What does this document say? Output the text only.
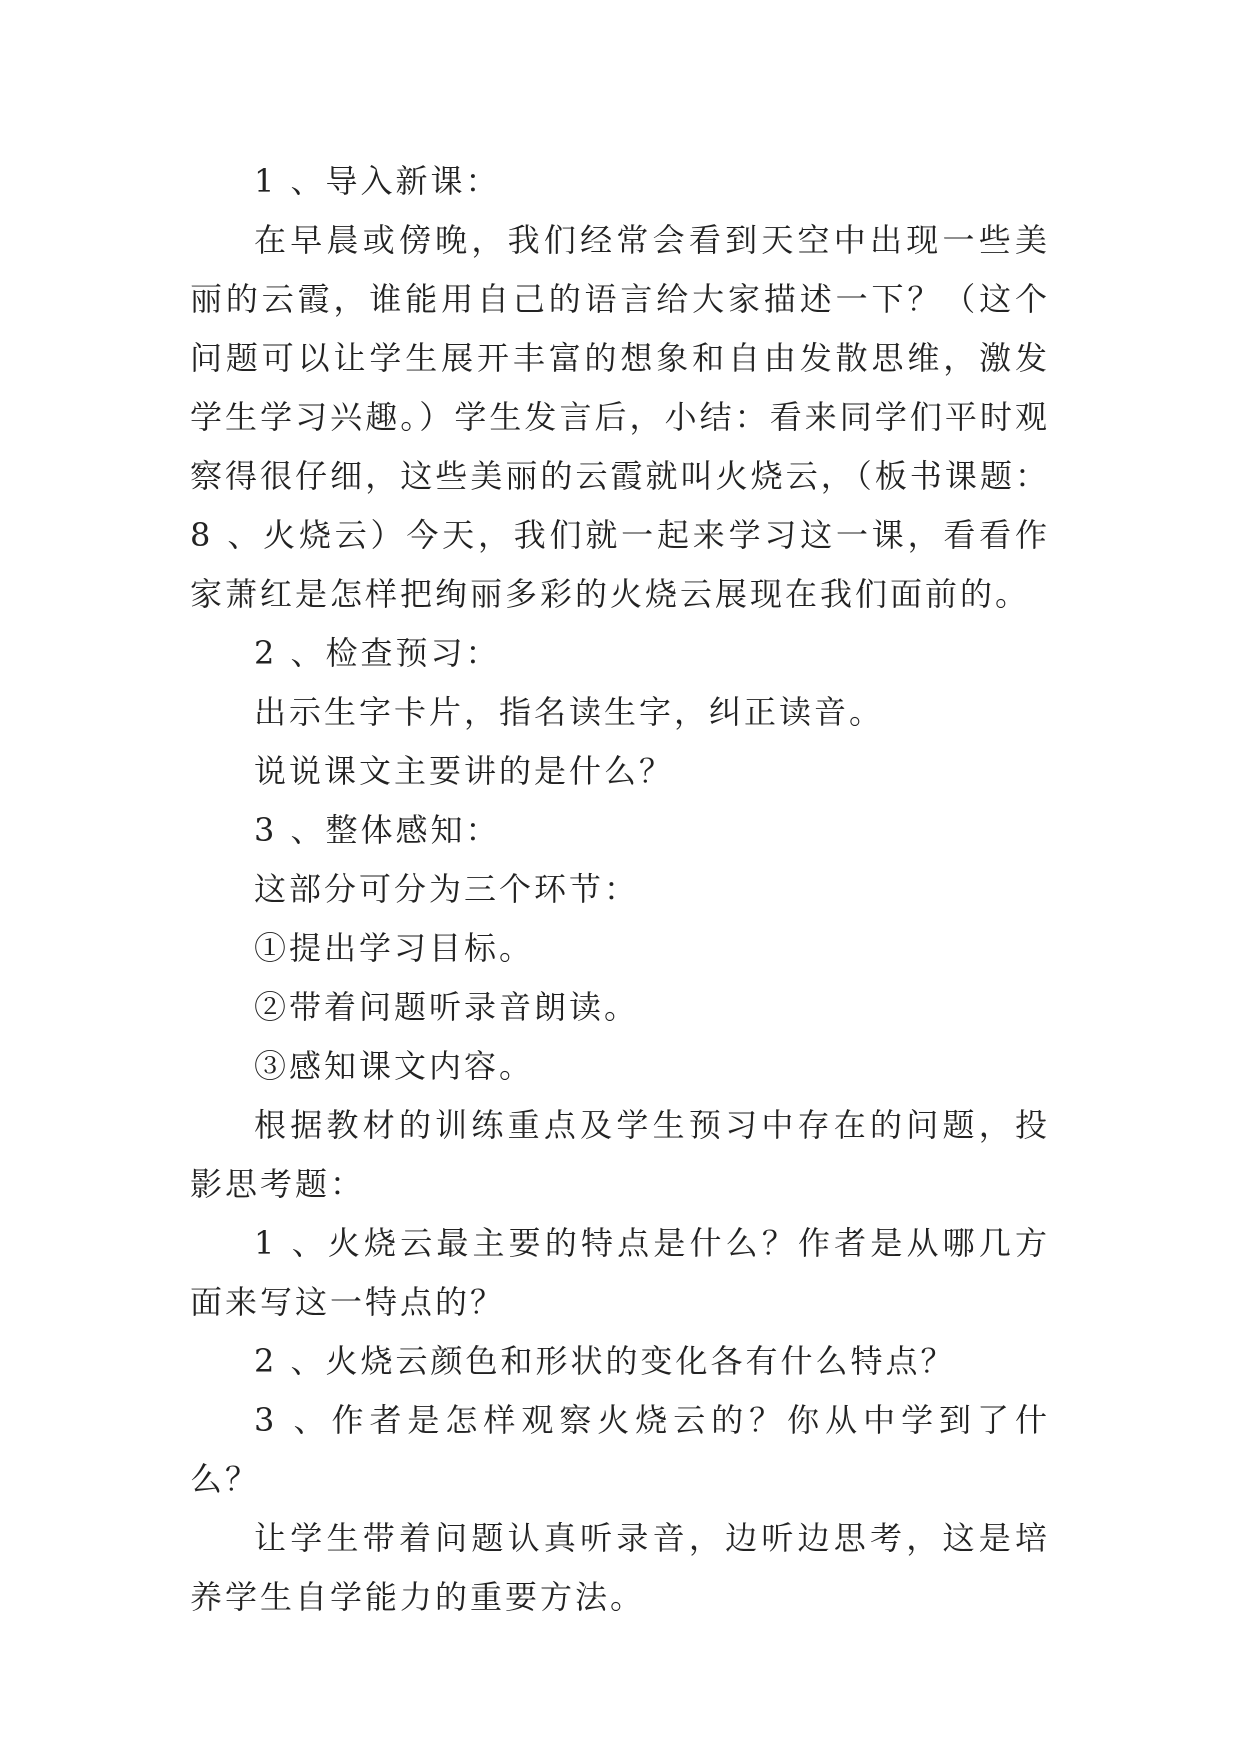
1 、导入新课：

在早晨或傍晚，我们经常会看到天空中出现一些美丽的云霞，谁能用自己的语言给大家描述一下？（这个问题可以让学生展开丰富的想象和自由发散思维，激发学生学习兴趣。）学生发言后，小结：看来同学们平时观察得很仔细，这些美丽的云霞就叫火烧云，（板书课题：8 、火烧云）今天，我们就一起来学习这一课，看看作家萧红是怎样把绚丽多彩的火烧云展现在我们面前的。

2 、检查预习：

出示生字卡片，指名读生字，纠正读音。

说说课文主要讲的是什么？

3 、整体感知：

这部分可分为三个环节：

①提出学习目标。

②带着问题听录音朗读。

③感知课文内容。

根据教材的训练重点及学生预习中存在的问题，投影思考题：

1 、火烧云最主要的特点是什么？作者是从哪几方面来写这一特点的？

2 、火烧云颜色和形状的变化各有什么特点？

3 、作者是怎样观察火烧云的？你从中学到了什么？

让学生带着问题认真听录音，边听边思考，这是培养学生自学能力的重要方法。
